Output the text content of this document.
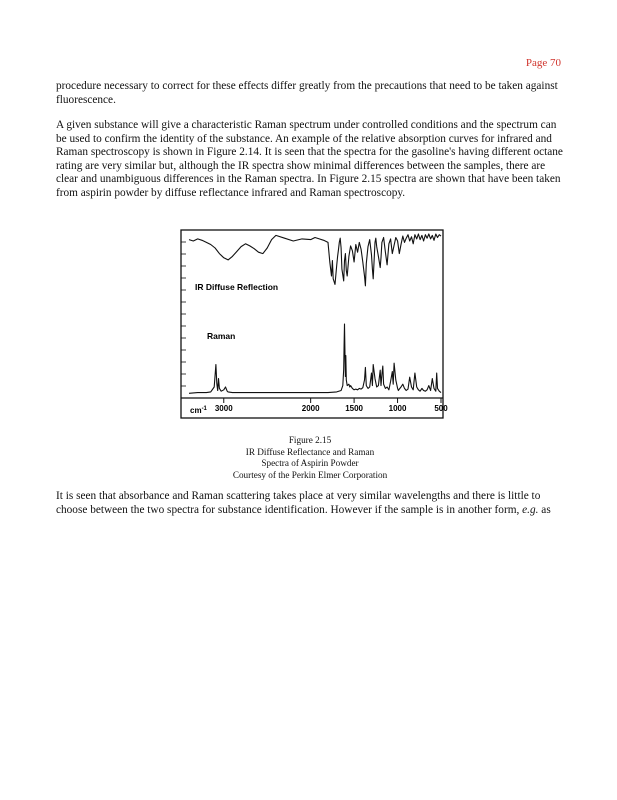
Page 70

procedure necessary to correct for these effects differ greatly from the precautions that need to be taken against fluorescence.

A given substance will give a characteristic Raman spectrum under controlled conditions and the spectrum can be used to confirm the identity of the substance. An example of the relative absorption curves for infrared and Raman spectroscopy is shown in Figure 2.14. It is seen that the spectra for the gasoline's having different octane rating are very similar but, although the IR spectra show minimal differences between the samples, there are clear and unambiguous differences in the Raman spectra. In Figure 2.15 spectra are shown that have been taken from aspirin powder by diffuse reflectance infrared and Raman spectroscopy.

3000	2000	1500	1000	500
IR Diffuse Reflection
Raman
$cm^{-1}$
Figure 2.15
IR Diffuse Reflectance and Raman
Spectra of Aspirin Powder
Courtesy of the Perkin Elmer Corporation

It is seen that absorbance and Raman scattering takes place at very similar wavelengths and there is little to choose between the two spectra for substance identification. However if the sample is in another form, e.g. as
